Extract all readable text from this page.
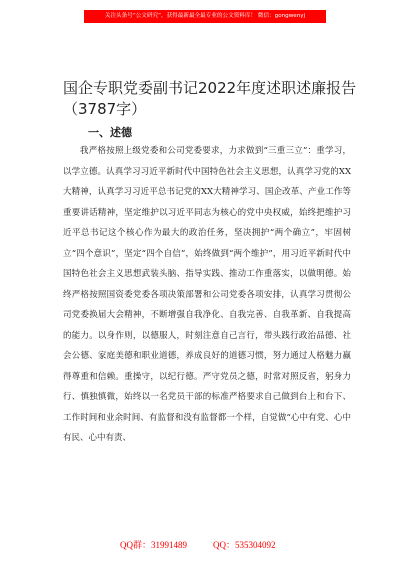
关注头条号“公文研究”，获得最新最全最专业的公文资料库！ 微信：gongwenyj
国企专职党委副书记2022年度述职述廉报告（3787字）
一、述德
我严格按照上级党委和公司党委要求，力求做到“三重三立”：重学习，以学立德。认真学习习近平新时代中国特色社会主义思想，认真学习党的XX大精神，认真学习习近平总书记党的XX大精神学习、国企改革、产业工作等重要讲话精神，坚定维护以习近平同志为核心的党中央权威，始终把维护习近平总书记这个核心作为最大的政治任务，坚决拥护“两个确立”，牢固树立“四个意识”，坚定“四个自信”，始终做到“两个维护”，用习近平新时代中国特色社会主义思想武装头脑、指导实践、推动工作重落实，以做明德。始终严格按照国资委党委各项决策部署和公司党委各项安排，认真学习贯彻公司党委换届大会精神，不断增强自我净化、自我完善、自我革新、自我提高的能力。以身作则，以德服人，时刻注意自己言行，带头践行政治品德、社会公德、家庭美德和职业道德，养成良好的道德习惯，努力通过人格魅力赢得尊重和信赖。重操守，以纪行德。严守党员之德，时常对照反省，躬身力行、慎独慎微，始终以一名党员干部的标准严格要求自己做到台上和台下、工作时间和业余时间、有监督和没有监督都一个样，自觉做“心中有党、心中有民、心中有责、
QQ群：31991489	QQ：535304092
